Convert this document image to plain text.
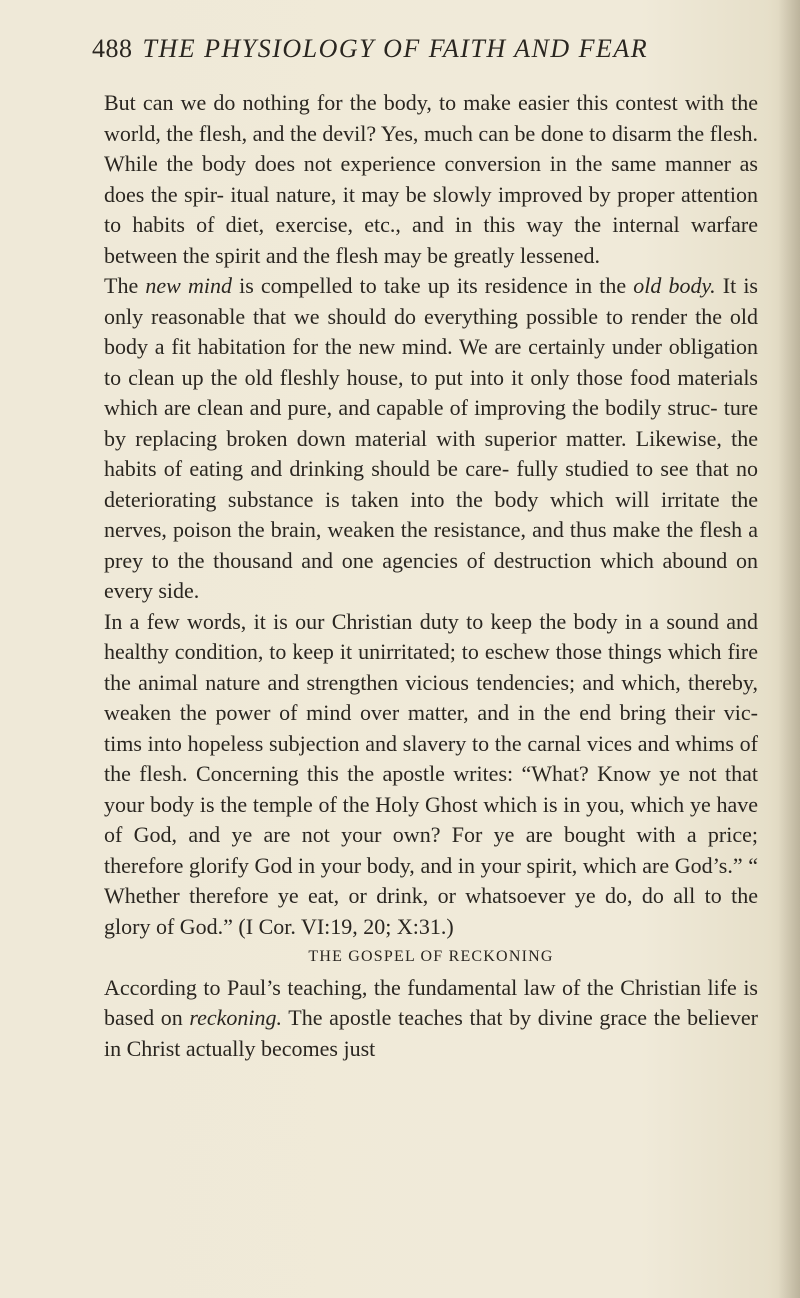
488 THE PHYSIOLOGY OF FAITH AND FEAR

But can we do nothing for the body, to make easier this contest with the world, the flesh, and the devil? Yes, much can be done to disarm the flesh. While the body does not experience conversion in the same manner as does the spir- itual nature, it may be slowly improved by proper attention to habits of diet, exercise, etc., and in this way the internal warfare between the spirit and the flesh may be greatly lessened.

The new mind is compelled to take up its residence in the old body. It is only reasonable that we should do everything possible to render the old body a fit habitation for the new mind. We are certainly under obligation to clean up the old fleshly house, to put into it only those food materials which are clean and pure, and capable of improving the bodily struc- ture by replacing broken down material with superior matter. Likewise, the habits of eating and drinking should be care- fully studied to see that no deteriorating substance is taken into the body which will irritate the nerves, poison the brain, weaken the resistance, and thus make the flesh a prey to the thousand and one agencies of destruction which abound on every side.

In a few words, it is our Christian duty to keep the body in a sound and healthy condition, to keep it unirritated; to eschew those things which fire the animal nature and strengthen vicious tendencies; and which, thereby, weaken the power of mind over matter, and in the end bring their vic- tims into hopeless subjection and slavery to the carnal vices and whims of the flesh. Concerning this the apostle writes: “What? Know ye not that your body is the temple of the Holy Ghost which is in you, which ye have of God, and ye are not your own? For ye are bought with a price; therefore glorify God in your body, and in your spirit, which are God’s.” “ Whether therefore ye eat, or drink, or whatsoever ye do, do all to the glory of God.” (I Cor. VI:19, 20; X:31.)

THE GOSPEL OF RECKONING

According to Paul’s teaching, the fundamental law of the Christian life is based on reckoning. The apostle teaches that by divine grace the believer in Christ actually becomes just
